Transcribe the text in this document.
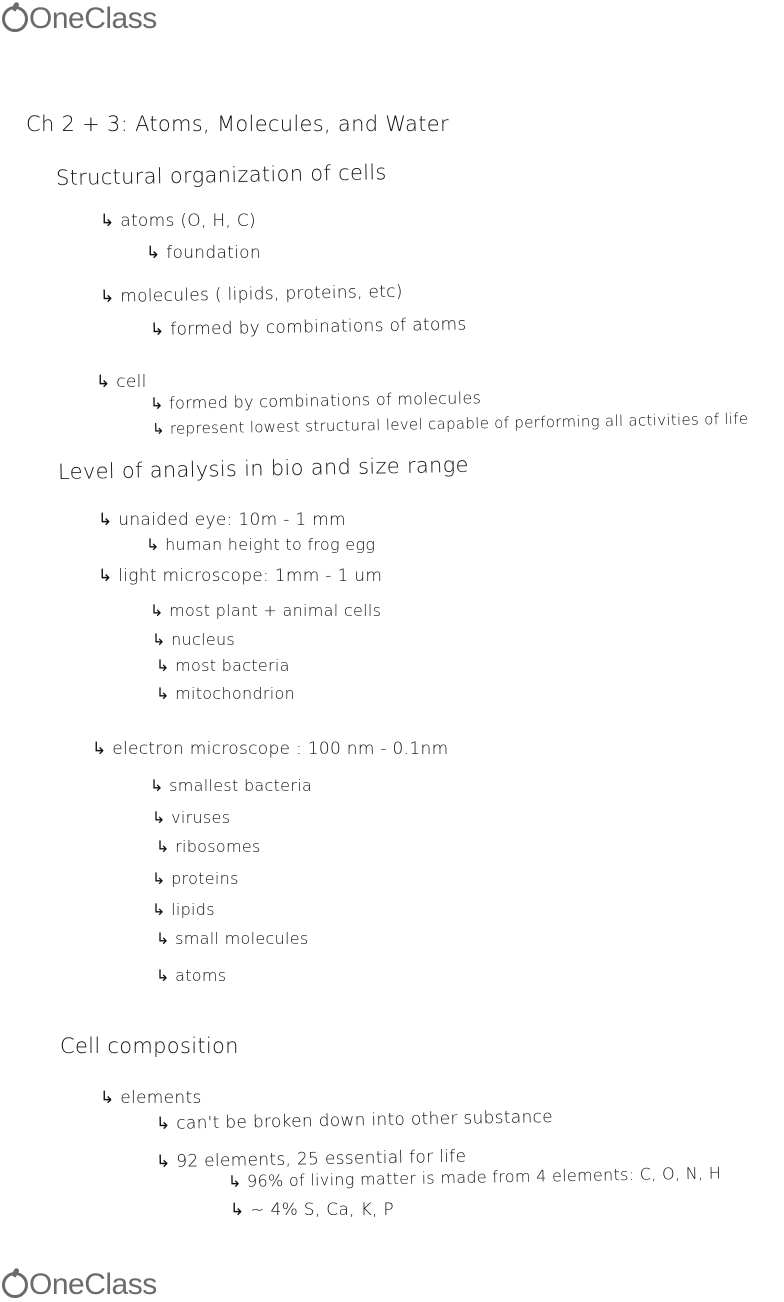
OneClass
Ch 2 + 3: Atoms, Molecules, and Water
Structural organization of cells
↳ atoms (O, H, C)
↳ foundation
↳ molecules ( lipids, proteins, etc)
↳ formed by combinations of atoms
↳ cell
↳ formed by combinations of molecules
↳ represent lowest structural level capable of performing all activities of life
Level of analysis in bio and size range
↳ unaided eye: 10m - 1 mm
↳ human height to frog egg
↳ light microscope: 1mm - 1 um
↳ most plant + animal cells
↳ nucleus
↳ most bacteria
↳ mitochondrion
↳ electron microscope : 100 nm - 0.1nm
↳ smallest bacteria
↳ viruses
↳ ribosomes
↳ proteins
↳ lipids
↳ small molecules
↳ atoms
Cell composition
↳ elements
↳ can't be broken down into other substance
↳ 92 elements, 25 essential for life
↳ 96% of living matter is made from 4 elements: C, O, N, H
↳ ~ 4% S, Ca, K, P
OneClass
